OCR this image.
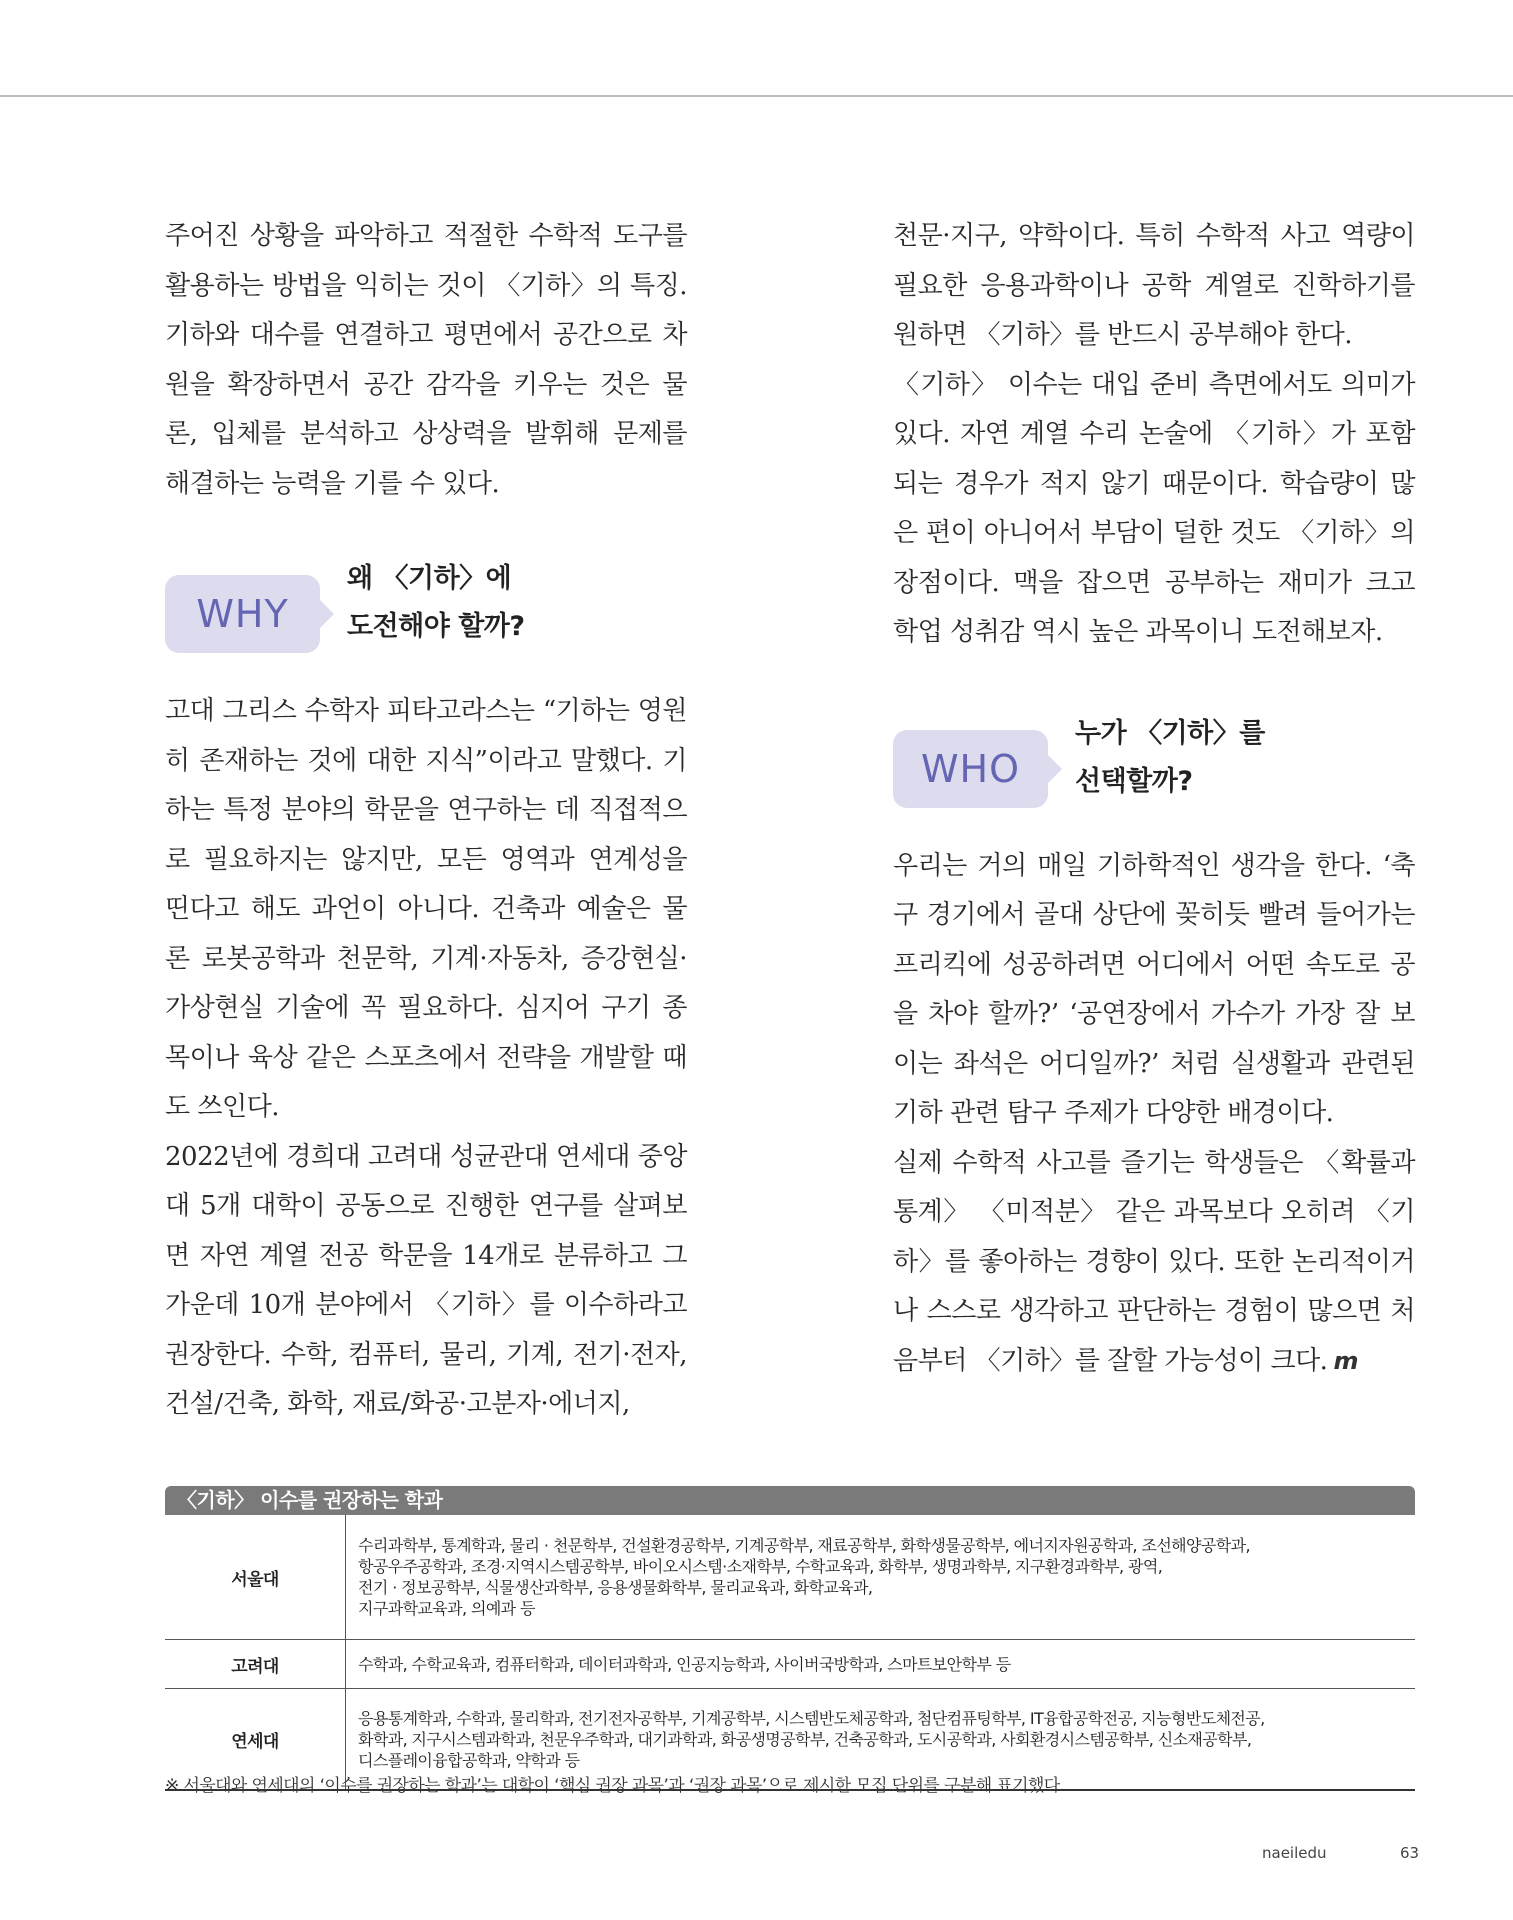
주어진 상황을 파악하고 적절한 수학적 도구를 활용하는 방법을 익히는 것이 〈기하〉의 특징. 기하와 대수를 연결하고 평면에서 공간으로 차원을 확장하면서 공간 감각을 키우는 것은 물론, 입체를 분석하고 상상력을 발휘해 문제를 해결하는 능력을 기를 수 있다.

WHY
왜 〈기하〉에
도전해야 할까?

고대 그리스 수학자 피타고라스는 “기하는 영원히 존재하는 것에 대한 지식”이라고 말했다. 기하는 특정 분야의 학문을 연구하는 데 직접적으로 필요하지는 않지만, 모든 영역과 연계성을 띤다고 해도 과언이 아니다. 건축과 예술은 물론 로봇공학과 천문학, 기계·자동차, 증강현실·가상현실 기술에 꼭 필요하다. 심지어 구기 종목이나 육상 같은 스포츠에서 전략을 개발할 때도 쓰인다.

2022년에 경희대 고려대 성균관대 연세대 중앙대 5개 대학이 공동으로 진행한 연구를 살펴보면 자연 계열 전공 학문을 14개로 분류하고 그 가운데 10개 분야에서 〈기하〉를 이수하라고 권장한다. 수학, 컴퓨터, 물리, 기계, 전기·전자, 건설/건축, 화학, 재료/화공·고분자·에너지,

천문·지구, 약학이다. 특히 수학적 사고 역량이 필요한 응용과학이나 공학 계열로 진학하기를 원하면 〈기하〉를 반드시 공부해야 한다.

〈기하〉 이수는 대입 준비 측면에서도 의미가 있다. 자연 계열 수리 논술에 〈기하〉가 포함되는 경우가 적지 않기 때문이다. 학습량이 많은 편이 아니어서 부담이 덜한 것도 〈기하〉의 장점이다. 맥을 잡으면 공부하는 재미가 크고 학업 성취감 역시 높은 과목이니 도전해보자.

WHO
누가 〈기하〉를
선택할까?

우리는 거의 매일 기하학적인 생각을 한다. ‘축구 경기에서 골대 상단에 꽂히듯 빨려 들어가는 프리킥에 성공하려면 어디에서 어떤 속도로 공을 차야 할까?’ ‘공연장에서 가수가 가장 잘 보이는 좌석은 어디일까?’ 처럼 실생활과 관련된 기하 관련 탐구 주제가 다양한 배경이다.

실제 수학적 사고를 즐기는 학생들은 〈확률과 통계〉 〈미적분〉 같은 과목보다 오히려 〈기하〉를 좋아하는 경향이 있다. 또한 논리적이거나 스스로 생각하고 판단하는 경험이 많으면 처음부터 〈기하〉를 잘할 가능성이 크다. m

〈기하〉 이수를 권장하는 학과
서울대	수리과학부, 통계학과, 물리 · 천문학부, 건설환경공학부, 기계공학부, 재료공학부, 화학생물공학부, 에너지자원공학과, 조선해양공학과,
항공우주공학과, 조경·지역시스템공학부, 바이오시스템·소재학부, 수학교육과, 화학부, 생명과학부, 지구환경과학부, 광역,
전기 · 정보공학부, 식물생산과학부, 응용생물화학부, 물리교육과, 화학교육과,
지구과학교육과, 의예과 등

고려대	수학과, 수학교육과, 컴퓨터학과, 데이터과학과, 인공지능학과, 사이버국방학과, 스마트보안학부 등

연세대	응용통계학과, 수학과, 물리학과, 전기전자공학부, 기계공학부, 시스템반도체공학과, 첨단컴퓨팅학부, IT융합공학전공, 지능형반도체전공,
화학과, 지구시스템과학과, 천문우주학과, 대기과학과, 화공생명공학부, 건축공학과, 도시공학과, 사회환경시스템공학부, 신소재공학부,
디스플레이융합공학과, 약학과 등
※ 서울대와 연세대의 ‘이수를 권장하는 학과’는 대학이 ‘핵심 권장 과목’과 ‘권장 과목’으로 제시한 모집 단위를 구분해 표기했다.
naeiledu	63
